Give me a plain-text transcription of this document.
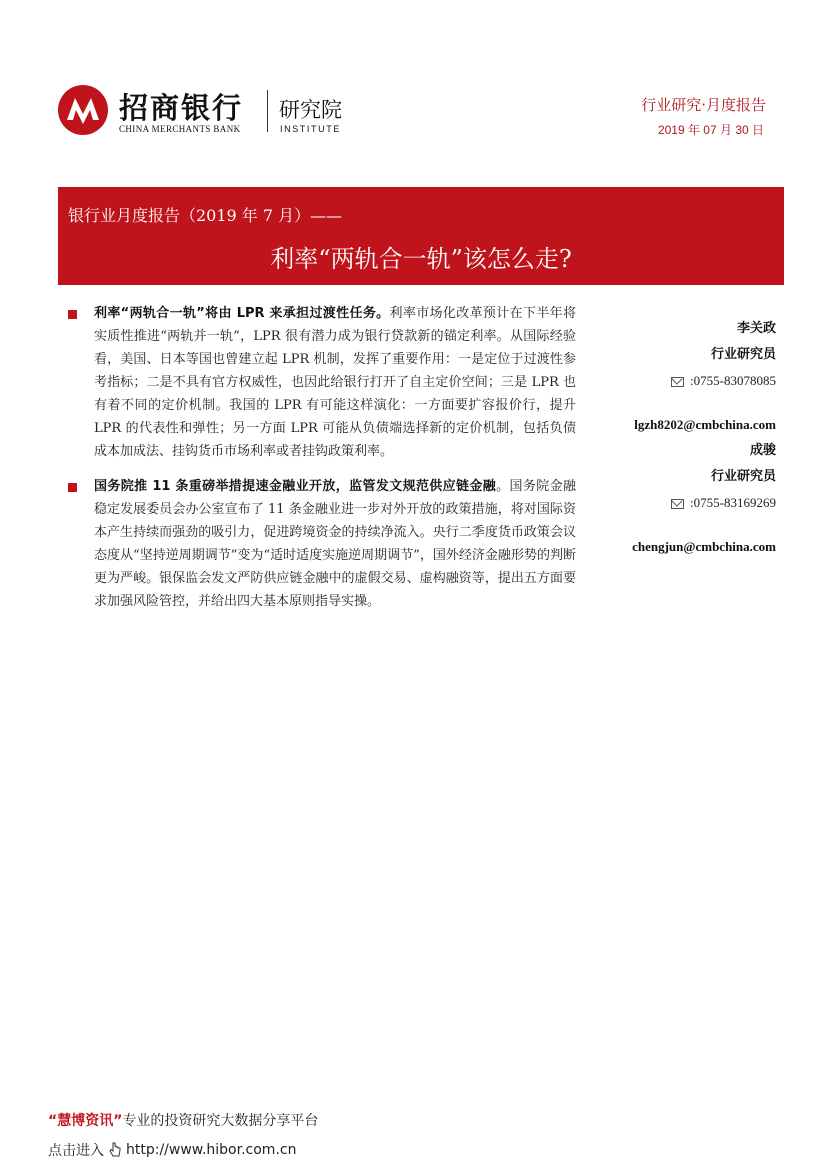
招商银行
CHINA MERCHANTS BANK
研究院
INSTITUTE
行业研究·月度报告
2019 年 07 月 30 日
银行业月度报告（2019 年 7 月）——
利率“两轨合一轨”该怎么走?
利率“两轨合一轨”将由 LPR 来承担过渡性任务。利率市场化改革预计在下半年将实质性推进“两轨并一轨”，LPR 很有潜力成为银行贷款新的锚定利率。从国际经验看，美国、日本等国也曾建立起 LPR 机制，发挥了重要作用：一是定位于过渡性参考指标；二是不具有官方权威性，也因此给银行打开了自主定价空间；三是 LPR 也有着不同的定价机制。我国的 LPR 有可能这样演化：一方面要扩容报价行，提升 LPR 的代表性和弹性；另一方面 LPR 可能从负债端选择新的定价机制，包括负债成本加成法、挂钩货币市场利率或者挂钩政策利率。
国务院推 11 条重磅举措提速金融业开放，监管发文规范供应链金融。国务院金融稳定发展委员会办公室宣布了 11 条金融业进一步对外开放的政策措施，将对国际资本产生持续而强劲的吸引力，促进跨境资金的持续净流入。央行二季度货币政策会议态度从“坚持逆周期调节”变为“适时适度实施逆周期调节”，国外经济金融形势的判断更为严峻。银保监会发文严防供应链金融中的虚假交易、虚构融资等，提出五方面要求加强风险管控，并给出四大基本原则指导实操。
李关政
行业研究员
:0755-83078085
lgzh8202@cmbchina.com
成骏
行业研究员
:0755-83169269
chengjun@cmbchina.com
“慧博资讯”专业的投资研究大数据分享平台
点击进入 http://www.hibor.com.cn
